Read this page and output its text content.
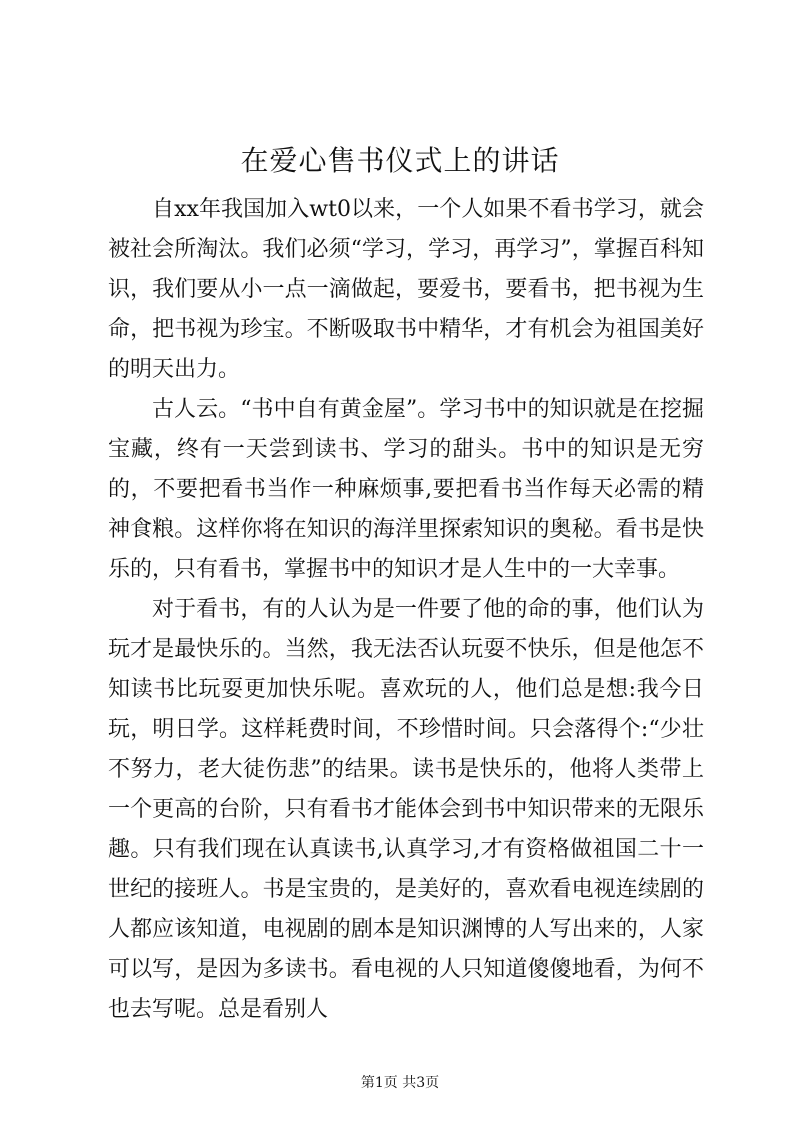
在爱心售书仪式上的讲话

自xx年我国加入wt0以来，一个人如果不看书学习，就会被社会所淘汰。我们必须“学习，学习，再学习”，掌握百科知识，我们要从小一点一滴做起，要爱书，要看书，把书视为生命，把书视为珍宝。不断吸取书中精华，才有机会为祖国美好的明天出力。

古人云。“书中自有黄金屋”。学习书中的知识就是在挖掘宝藏，终有一天尝到读书、学习的甜头。书中的知识是无穷的，不要把看书当作一种麻烦事,要把看书当作每天必需的精神食粮。这样你将在知识的海洋里探索知识的奥秘。看书是快乐的，只有看书，掌握书中的知识才是人生中的一大幸事。

对于看书，有的人认为是一件要了他的命的事，他们认为玩才是最快乐的。当然，我无法否认玩耍不快乐，但是他怎不知读书比玩耍更加快乐呢。喜欢玩的人，他们总是想:我今日玩，明日学。这样耗费时间，不珍惜时间。只会落得个:“少壮不努力，老大徒伤悲”的结果。读书是快乐的，他将人类带上一个更高的台阶，只有看书才能体会到书中知识带来的无限乐趣。只有我们现在认真读书,认真学习,才有资格做祖国二十一世纪的接班人。书是宝贵的，是美好的，喜欢看电视连续剧的人都应该知道，电视剧的剧本是知识渊博的人写出来的，人家可以写，是因为多读书。看电视的人只知道傻傻地看，为何不也去写呢。总是看别人

第1页 共3页
